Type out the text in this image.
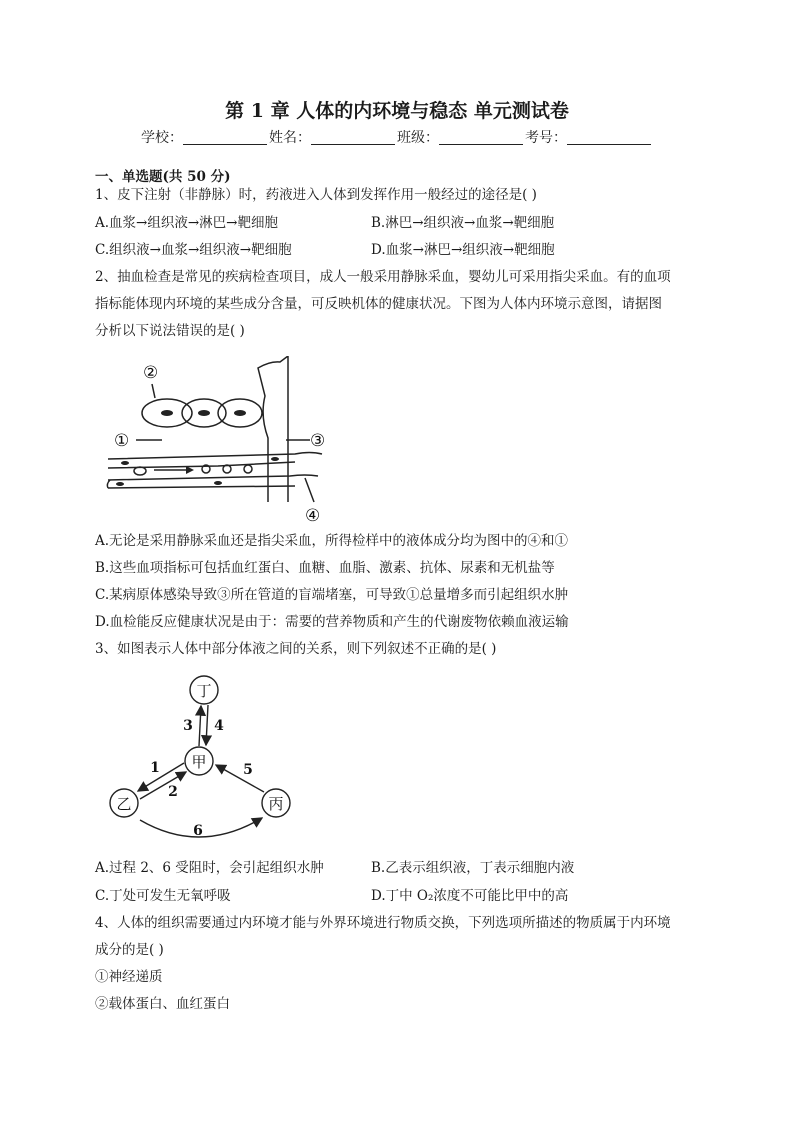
第 1 章 人体的内环境与稳态 单元测试卷
学校：	姓名：	班级：	考号：
一、单选题(共 50 分)
1、皮下注射（非静脉）时，药液进入人体到发挥作用一般经过的途径是( )
A.血浆→组织液→淋巴→靶细胞	B.淋巴→组织液→血浆→靶细胞
C.组织液→血浆→组织液→靶细胞	D.血浆→淋巴→组织液→靶细胞
2、抽血检查是常见的疾病检查项目，成人一般采用静脉采血，婴幼儿可采用指尖采血。有的血项
指标能体现内环境的某些成分含量，可反映机体的健康状况。下图为人体内环境示意图，请据图
分析以下说法错误的是( )
②
①	③
④
A.无论是采用静脉采血还是指尖采血，所得检样中的液体成分均为图中的④和①
B.这些血项指标可包括血红蛋白、血糖、血脂、激素、抗体、尿素和无机盐等
C.某病原体感染导致③所在管道的盲端堵塞，可导致①总量增多而引起组织水肿
D.血检能反应健康状况是由于：需要的营养物质和产生的代谢废物依赖血液运输
3、如图表示人体中部分体液之间的关系，则下列叙述不正确的是( )
丁
甲
乙	丙
3 4
1
2
5
6
A.过程 2、6 受阻时，会引起组织水肿	B.乙表示组织液，丁表示细胞内液
C.丁处可发生无氧呼吸	D.丁中 O₂浓度不可能比甲中的高
4、人体的组织需要通过内环境才能与外界环境进行物质交换，下列选项所描述的物质属于内环境
成分的是( )
①神经递质
②载体蛋白、血红蛋白
